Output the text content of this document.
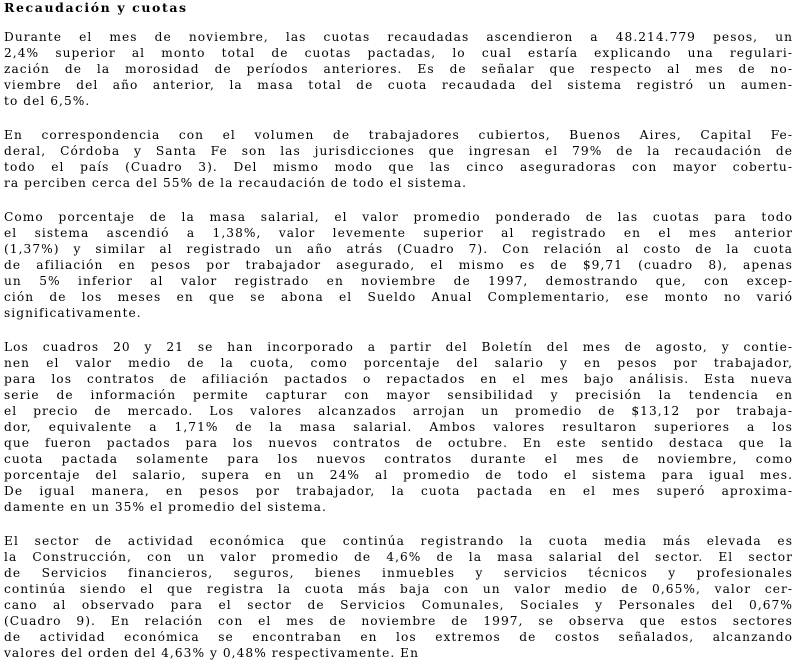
Recaudación y cuotas

Durante el mes de noviembre, las cuotas recaudadas ascendieron a 48.214.779 pesos, un
2,4% superior al monto total de cuotas pactadas, lo cual estaría explicando una regulari-
zación de la morosidad de períodos anteriores. Es de señalar que respecto al mes de no-
viembre del año anterior, la masa total de cuota recaudada del sistema registró un aumen-
to del 6,5%.

En correspondencia con el volumen de trabajadores cubiertos, Buenos Aires, Capital Fe-
deral, Córdoba y Santa Fe son las jurisdicciones que ingresan el 79% de la recaudación de
todo el país (Cuadro 3). Del mismo modo que las cinco aseguradoras con mayor cobertu-
ra perciben cerca del 55% de la recaudación de todo el sistema.

Como porcentaje de la masa salarial, el valor promedio ponderado de las cuotas para todo
el sistema ascendió a 1,38%, valor levemente superior al registrado en el mes anterior
(1,37%) y similar al registrado un año atrás (Cuadro 7). Con relación al costo de la cuota
de afiliación en pesos por trabajador asegurado, el mismo es de $9,71 (cuadro 8), apenas
un 5% inferior al valor registrado en noviembre de 1997, demostrando que, con excep-
ción de los meses en que se abona el Sueldo Anual Complementario, ese monto no varió
significativamente.

Los cuadros 20 y 21 se han incorporado a partir del Boletín del mes de agosto, y contie-
nen el valor medio de la cuota, como porcentaje del salario y en pesos por trabajador,
para los contratos de afiliación pactados o repactados en el mes bajo análisis. Esta nueva
serie de información permite capturar con mayor sensibilidad y precisión la tendencia en
el precio de mercado. Los valores alcanzados arrojan un promedio de $13,12 por trabaja-
dor, equivalente a 1,71% de la masa salarial. Ambos valores resultaron superiores a los
que fueron pactados para los nuevos contratos de octubre. En este sentido destaca que la
cuota pactada solamente para los nuevos contratos durante el mes de noviembre, como
porcentaje del salario, supera en un 24% al promedio de todo el sistema para igual mes.
De igual manera, en pesos por trabajador, la cuota pactada en el mes superó aproxima-
damente en un 35% el promedio del sistema.

El sector de actividad económica que continúa registrando la cuota media más elevada es
la Construcción, con un valor promedio de 4,6% de la masa salarial del sector. El sector
de Servicios financieros, seguros, bienes inmuebles y servicios técnicos y profesionales
continúa siendo el que registra la cuota más baja con un valor medio de 0,65%, valor cer-
cano al observado para el sector de Servicios Comunales, Sociales y Personales del 0,67%
(Cuadro 9). En relación con el mes de noviembre de 1997, se observa que estos sectores
de actividad económica se encontraban en los extremos de costos señalados, alcanzando
valores del orden del 4,63% y 0,48% respectivamente. En
